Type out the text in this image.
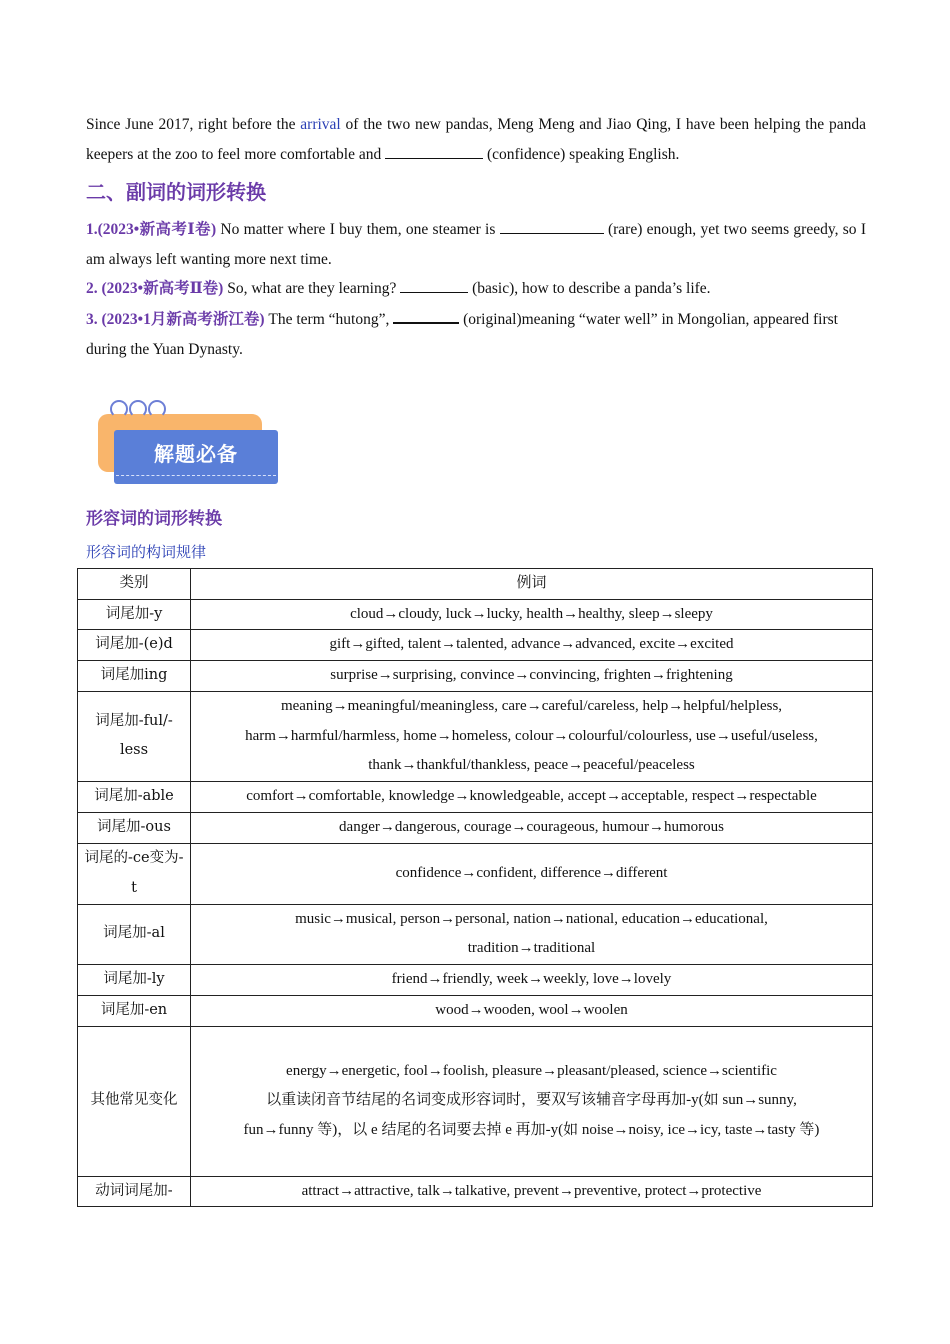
Since June 2017, right before the arrival of the two new pandas, Meng Meng and Jiao Qing, I have been helping the panda keepers at the zoo to feel more comfortable and	(confidence) speaking English.
二、副词的词形转换
1.(2023•新高考Ⅰ卷) No matter where I buy them, one steamer is	(rare) enough, yet two seems greedy, so I am always left wanting more next time.
2. (2023•新高考Ⅱ卷) So, what are they learning?	(basic), how to describe a panda’s life.
3. (2023•1月新高考浙江卷) The term “hutong”,	(original)meaning “water well” in Mongolian, appeared first during the Yuan Dynasty.
解题必备
形容词的词形转换
形容词的构词规律
类别	例词
词尾加-y	cloud→cloudy, luck→lucky, health→healthy, sleep→sleepy

词尾加-(e)d	gift→gifted, talent→talented, advance→advanced, excite→excited

词尾加ing	surprise→surprising, convince→convincing, frighten→frightening

词尾加-ful/-less	meaning→meaningful/meaningless, care→careful/careless, help→helpful/helpless,
harm→harmful/harmless, home→homeless, colour→colourful/colourless, use→useful/useless,
thank→thankful/thankless, peace→peaceful/peaceless

词尾加-able	comfort→comfortable, knowledge→knowledgeable, accept→acceptable, respect→respectable

词尾加-ous	danger→dangerous, courage→courageous, humour→humorous

词尾的-ce变为-t	confidence→confident, difference→different

词尾加-al	music→musical, person→personal, nation→national, education→educational,
tradition→traditional

词尾加-ly	friend→friendly, week→weekly, love→lovely

词尾加-en	wood→wooden, wool→woolen

其他常见变化	energy→energetic, fool→foolish, pleasure→pleasant/pleased, science→scientific
以重读闭音节结尾的名词变成形容词时，要双写该辅音字母再加-y(如 sun→sunny,
fun→funny 等)，以 e 结尾的名词要去掉 e 再加-y(如 noise→noisy, ice→icy, taste→tasty 等)

动词词尾加-	attract→attractive, talk→talkative, prevent→preventive, protect→protective
